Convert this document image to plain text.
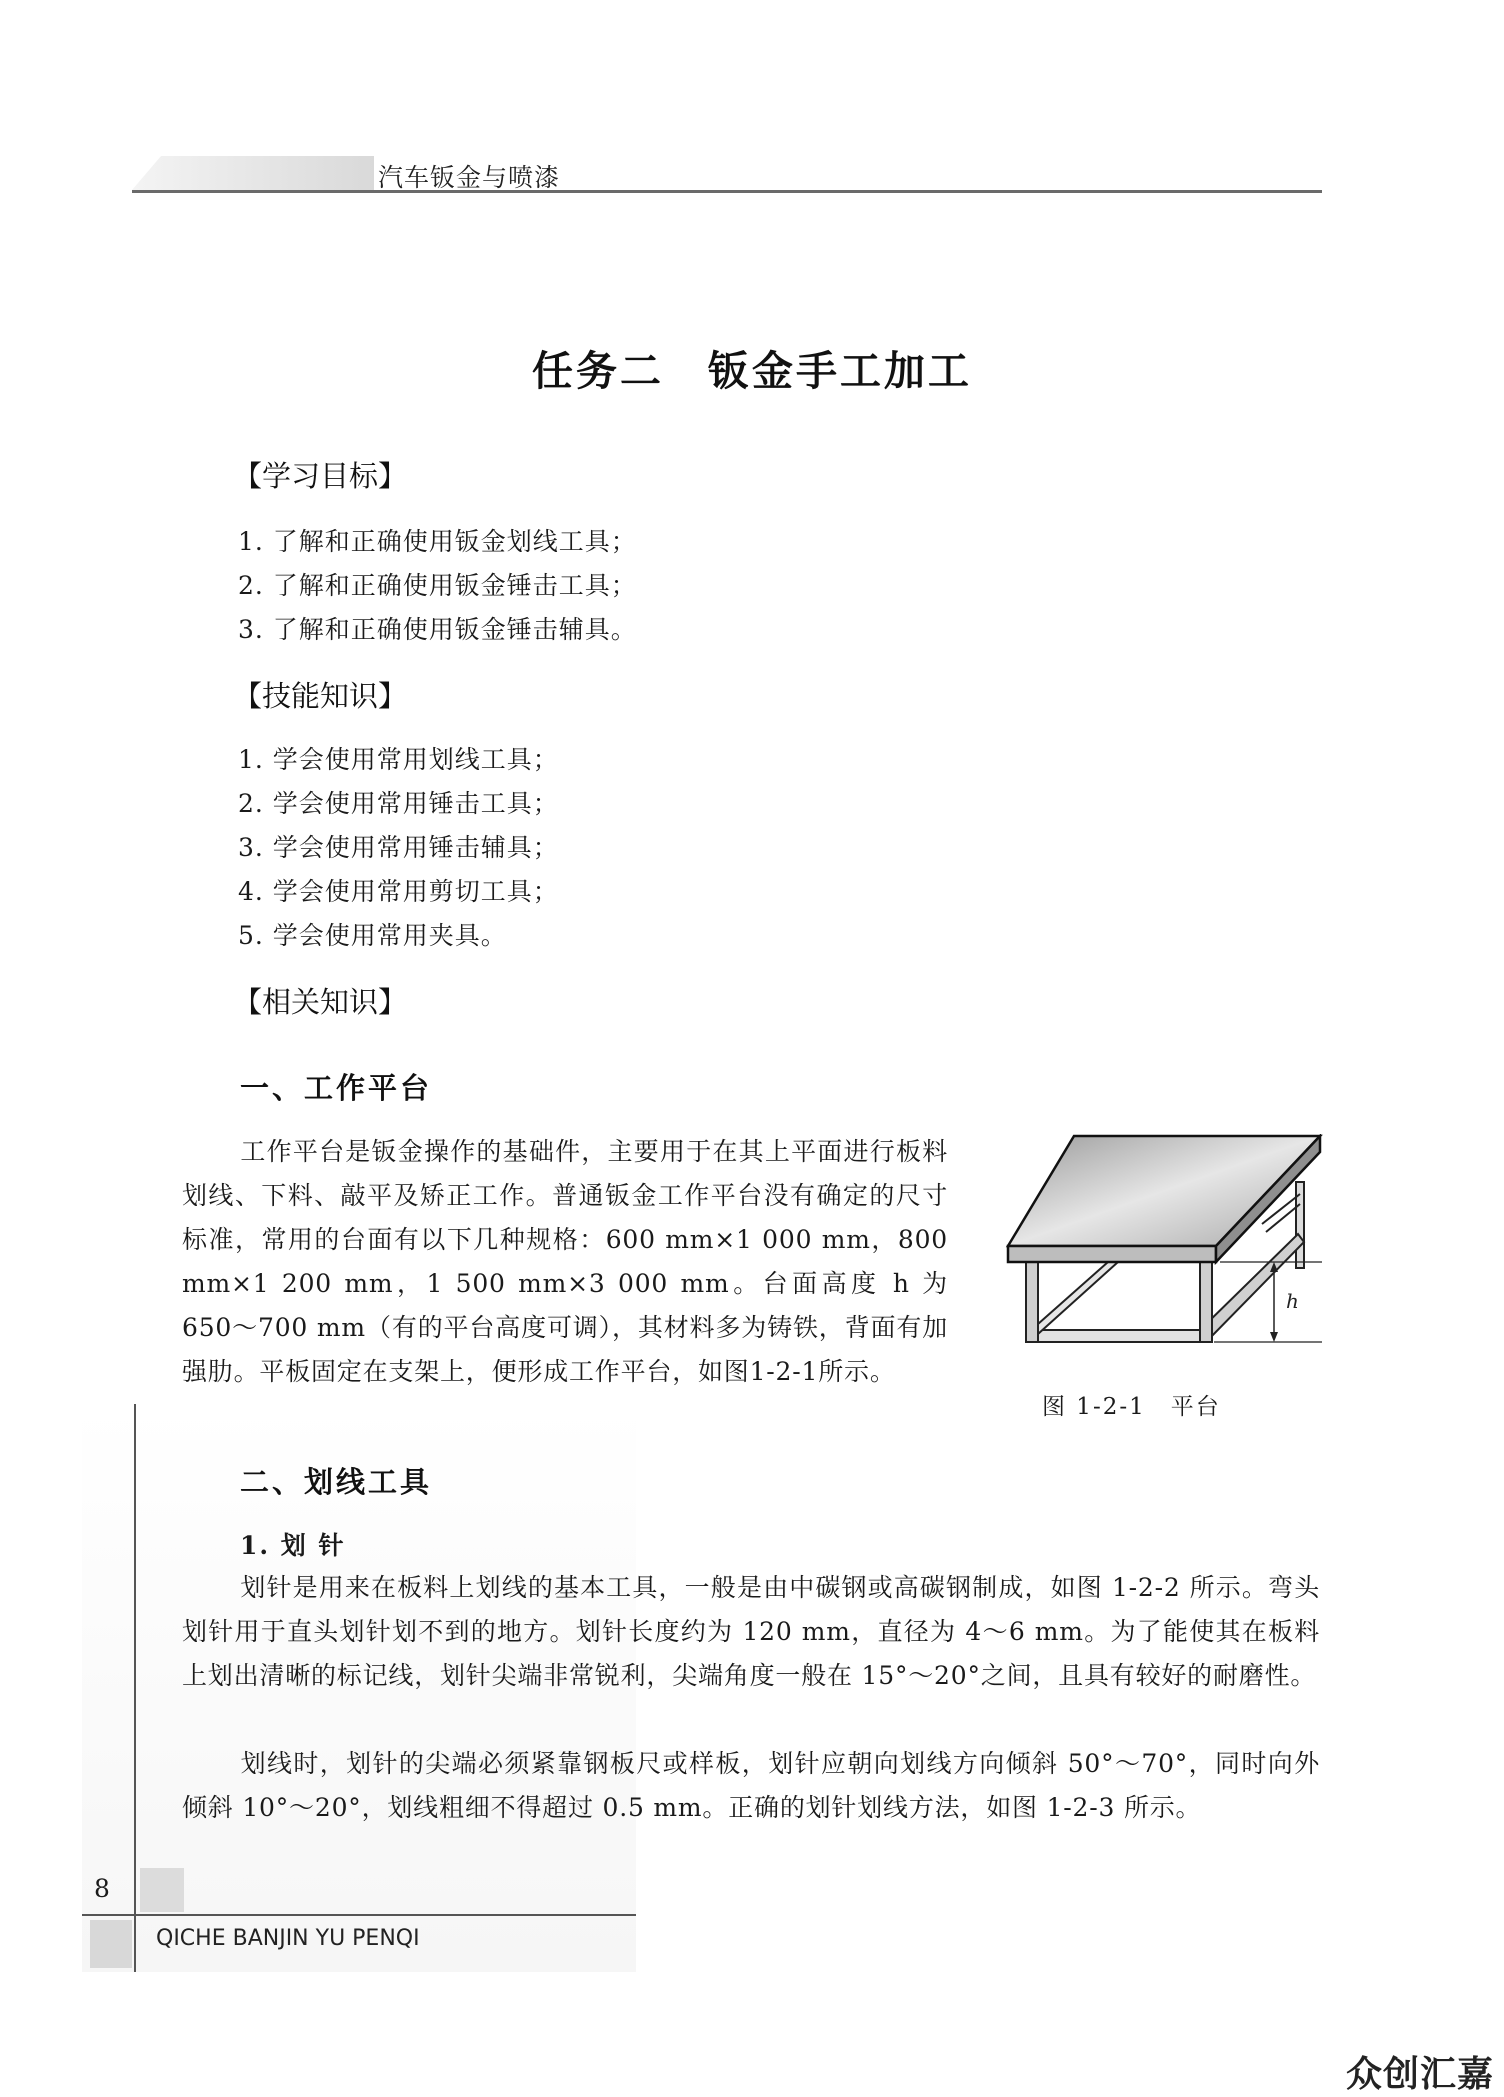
汽车钣金与喷漆
任务二　钣金手工加工
【学习目标】
1. 了解和正确使用钣金划线工具；
2. 了解和正确使用钣金锤击工具；
3. 了解和正确使用钣金锤击辅具。
【技能知识】
1. 学会使用常用划线工具；
2. 学会使用常用锤击工具；
3. 学会使用常用锤击辅具；
4. 学会使用常用剪切工具；
5. 学会使用常用夹具。
【相关知识】
一、工作平台

工作平台是钣金操作的基础件，主要用于在其上平面进行板料划线、下料、敲平及矫正工作。普通钣金工作平台没有确定的尺寸标准，常用的台面有以下几种规格：600 mm×1 000 mm，800 mm×1 200 mm，1 500 mm×3 000 mm。台面高度 h 为 650～700 mm（有的平台高度可调），其材料多为铸铁，背面有加强肋。平板固定在支架上，便形成工作平台，如图1-2-1所示。

h
图 1-2-1　平台
二、划线工具
1. 划 针

划针是用来在板料上划线的基本工具，一般是由中碳钢或高碳钢制成，如图 1-2-2 所示。弯头划针用于直头划针划不到的地方。划针长度约为 120 mm，直径为 4～6 mm。为了能使其在板料上划出清晰的标记线，划针尖端非常锐利，尖端角度一般在 15°～20°之间，且具有较好的耐磨性。

划线时，划针的尖端必须紧靠钢板尺或样板，划针应朝向划线方向倾斜 50°～70°，同时向外倾斜 10°～20°，划线粗细不得超过 0.5 mm。正确的划针划线方法，如图 1-2-3 所示。

8
QICHE BANJIN YU PENQI
众创汇嘉
